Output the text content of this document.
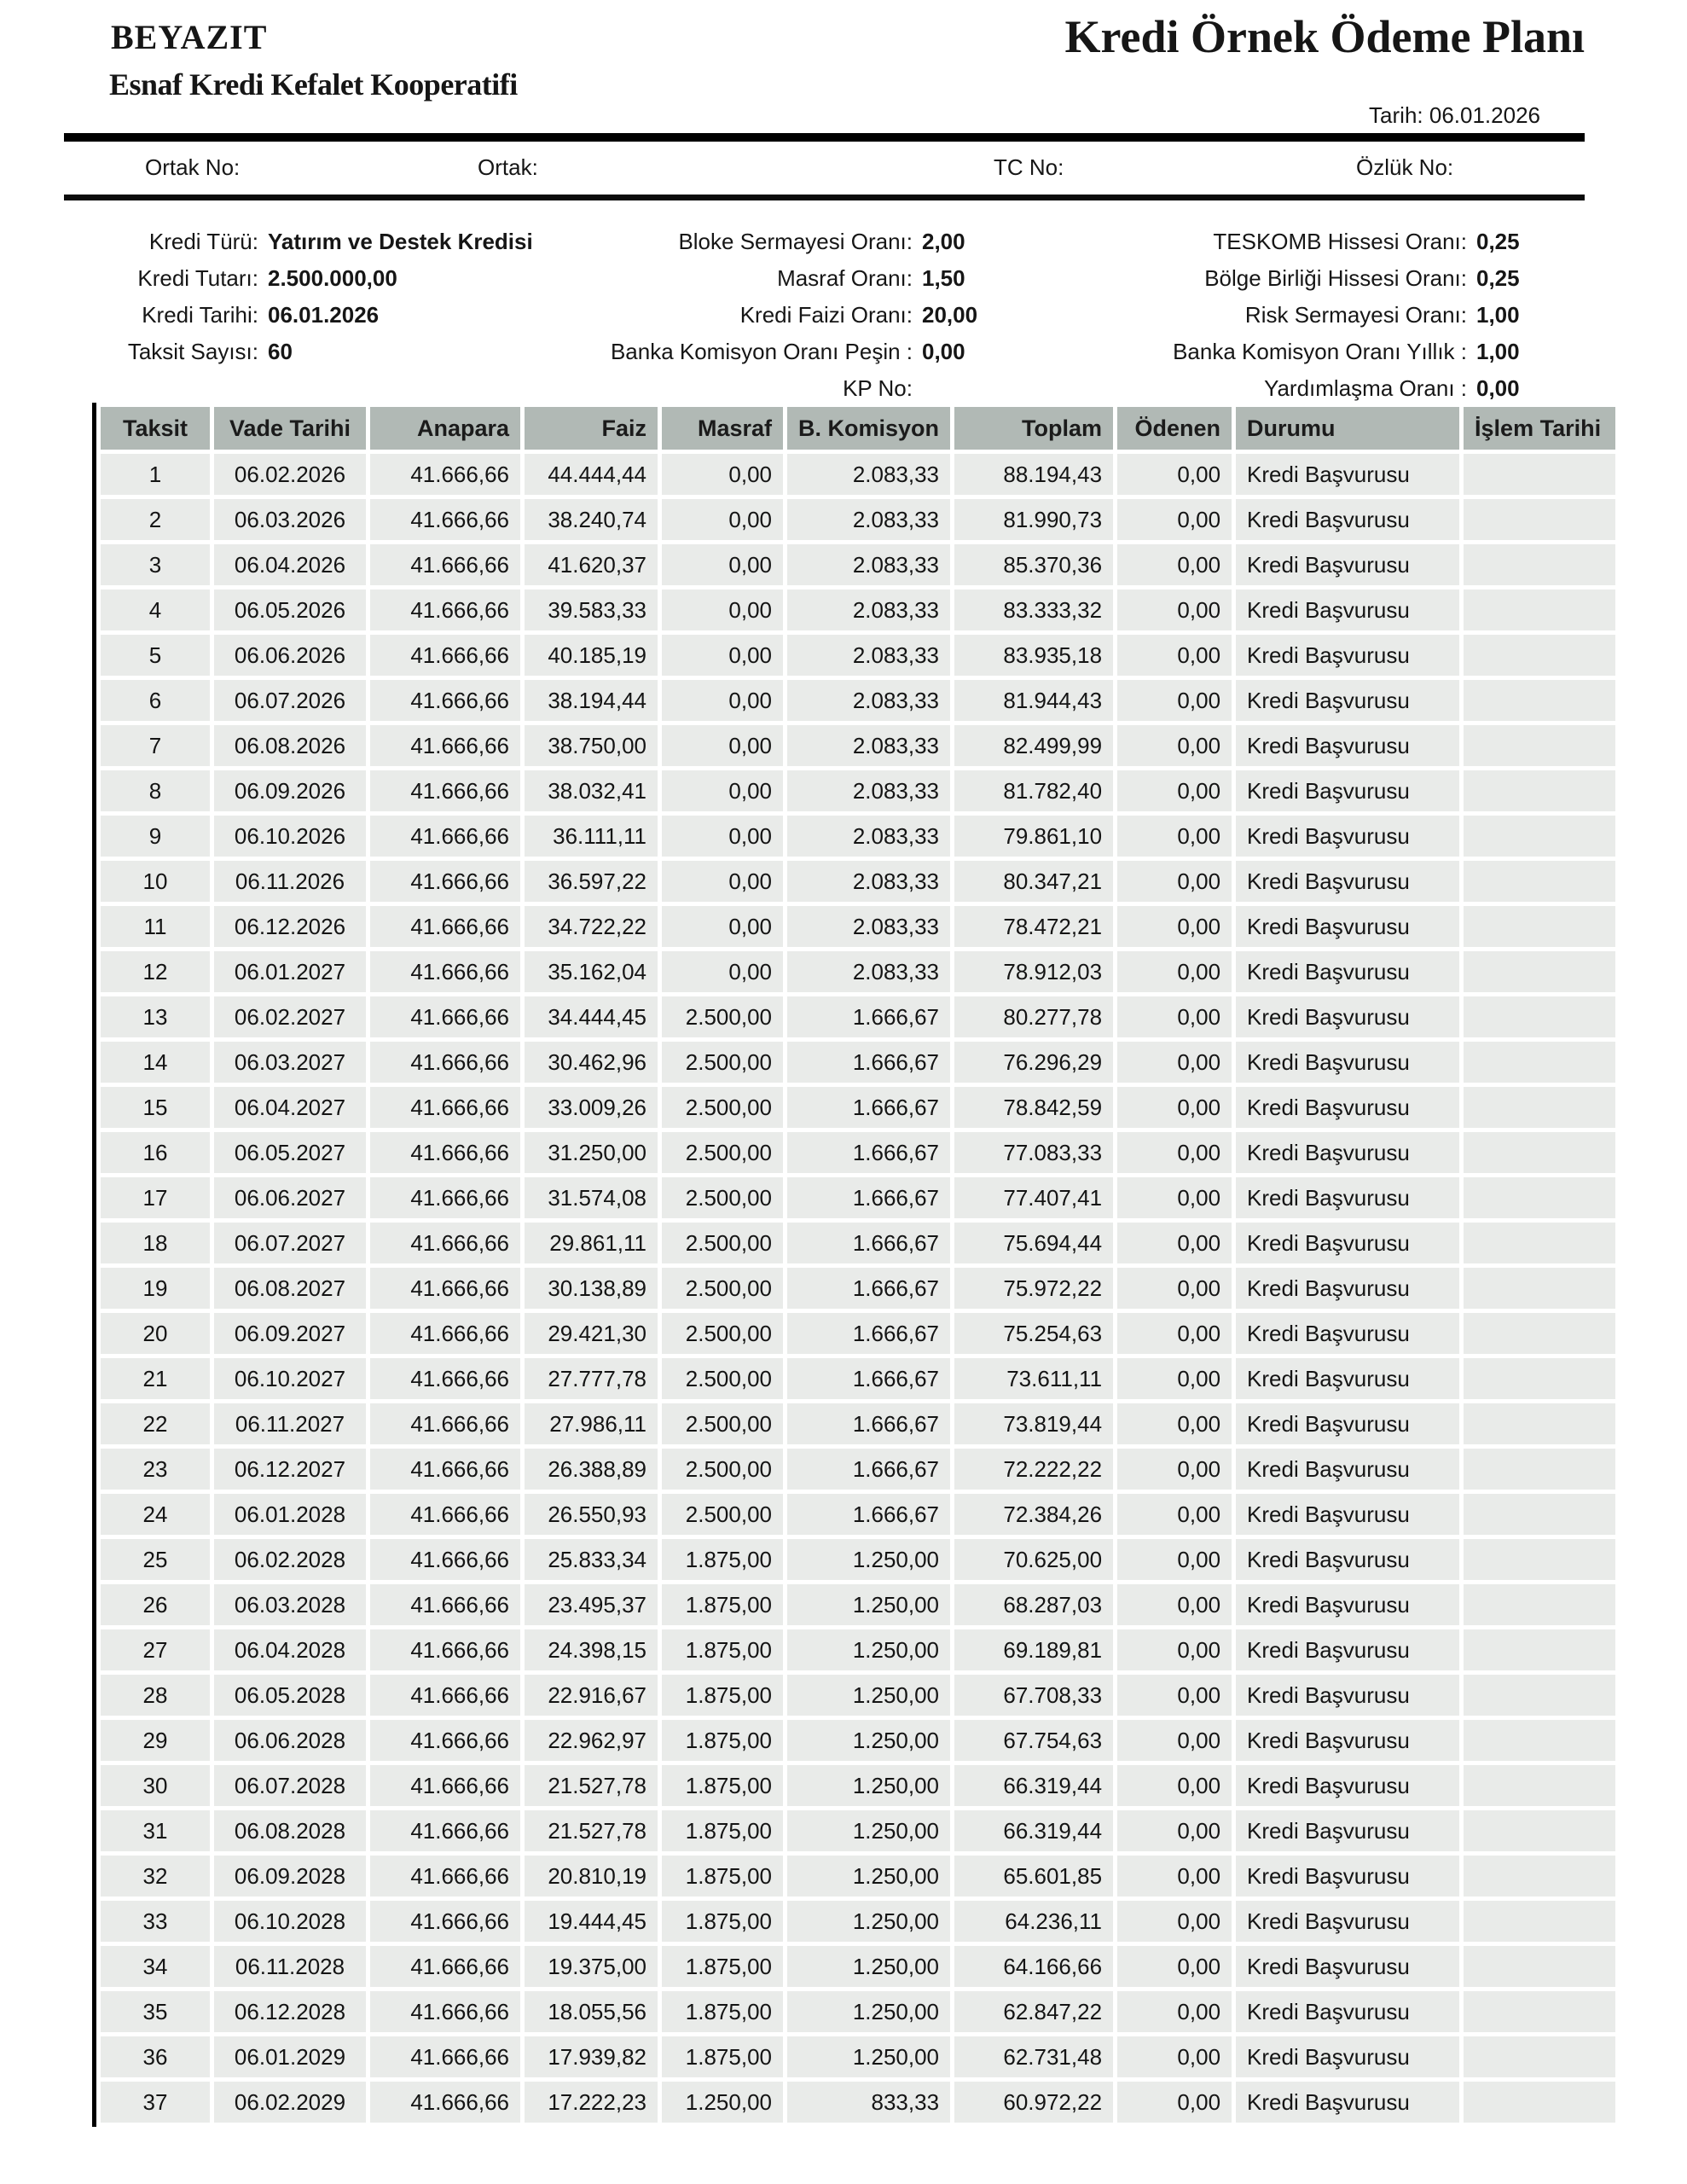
BEYAZIT
Esnaf Kredi Kefalet Kooperatifi
Kredi Örnek Ödeme Planı
Tarih: 06.01.2026
Ortak No:	Ortak:	TC No:	Özlük No:
Kredi Türü: Yatırım ve Destek Kredisi	Bloke Sermayesi Oranı: 2,00	TESKOMB Hissesi Oranı: 0,25
Kredi Tutarı: 2.500.000,00	Masraf Oranı: 1,50	Bölge Birliği Hissesi Oranı: 0,25
Kredi Tarihi: 06.01.2026	Kredi Faizi Oranı: 20,00	Risk Sermayesi Oranı: 1,00
Taksit Sayısı: 60	Banka Komisyon Oranı Peşin : 0,00	Banka Komisyon Oranı Yıllık : 1,00
KP No:	Yardımlaşma Oranı : 0,00
Taksit	Vade Tarihi	Anapara	Faiz	Masraf	B. Komisyon	Toplam	Ödenen	Durumu	İşlem Tarihi
1	06.02.2026	41.666,66	44.444,44	0,00	2.083,33	88.194,43	0,00	Kredi Başvurusu	
2	06.03.2026	41.666,66	38.240,74	0,00	2.083,33	81.990,73	0,00	Kredi Başvurusu	
3	06.04.2026	41.666,66	41.620,37	0,00	2.083,33	85.370,36	0,00	Kredi Başvurusu	
4	06.05.2026	41.666,66	39.583,33	0,00	2.083,33	83.333,32	0,00	Kredi Başvurusu	
5	06.06.2026	41.666,66	40.185,19	0,00	2.083,33	83.935,18	0,00	Kredi Başvurusu	
6	06.07.2026	41.666,66	38.194,44	0,00	2.083,33	81.944,43	0,00	Kredi Başvurusu	
7	06.08.2026	41.666,66	38.750,00	0,00	2.083,33	82.499,99	0,00	Kredi Başvurusu	
8	06.09.2026	41.666,66	38.032,41	0,00	2.083,33	81.782,40	0,00	Kredi Başvurusu	
9	06.10.2026	41.666,66	36.111,11	0,00	2.083,33	79.861,10	0,00	Kredi Başvurusu	
10	06.11.2026	41.666,66	36.597,22	0,00	2.083,33	80.347,21	0,00	Kredi Başvurusu	
11	06.12.2026	41.666,66	34.722,22	0,00	2.083,33	78.472,21	0,00	Kredi Başvurusu	
12	06.01.2027	41.666,66	35.162,04	0,00	2.083,33	78.912,03	0,00	Kredi Başvurusu	
13	06.02.2027	41.666,66	34.444,45	2.500,00	1.666,67	80.277,78	0,00	Kredi Başvurusu	
14	06.03.2027	41.666,66	30.462,96	2.500,00	1.666,67	76.296,29	0,00	Kredi Başvurusu	
15	06.04.2027	41.666,66	33.009,26	2.500,00	1.666,67	78.842,59	0,00	Kredi Başvurusu	
16	06.05.2027	41.666,66	31.250,00	2.500,00	1.666,67	77.083,33	0,00	Kredi Başvurusu	
17	06.06.2027	41.666,66	31.574,08	2.500,00	1.666,67	77.407,41	0,00	Kredi Başvurusu	
18	06.07.2027	41.666,66	29.861,11	2.500,00	1.666,67	75.694,44	0,00	Kredi Başvurusu	
19	06.08.2027	41.666,66	30.138,89	2.500,00	1.666,67	75.972,22	0,00	Kredi Başvurusu	
20	06.09.2027	41.666,66	29.421,30	2.500,00	1.666,67	75.254,63	0,00	Kredi Başvurusu	
21	06.10.2027	41.666,66	27.777,78	2.500,00	1.666,67	73.611,11	0,00	Kredi Başvurusu	
22	06.11.2027	41.666,66	27.986,11	2.500,00	1.666,67	73.819,44	0,00	Kredi Başvurusu	
23	06.12.2027	41.666,66	26.388,89	2.500,00	1.666,67	72.222,22	0,00	Kredi Başvurusu	
24	06.01.2028	41.666,66	26.550,93	2.500,00	1.666,67	72.384,26	0,00	Kredi Başvurusu	
25	06.02.2028	41.666,66	25.833,34	1.875,00	1.250,00	70.625,00	0,00	Kredi Başvurusu	
26	06.03.2028	41.666,66	23.495,37	1.875,00	1.250,00	68.287,03	0,00	Kredi Başvurusu	
27	06.04.2028	41.666,66	24.398,15	1.875,00	1.250,00	69.189,81	0,00	Kredi Başvurusu	
28	06.05.2028	41.666,66	22.916,67	1.875,00	1.250,00	67.708,33	0,00	Kredi Başvurusu	
29	06.06.2028	41.666,66	22.962,97	1.875,00	1.250,00	67.754,63	0,00	Kredi Başvurusu	
30	06.07.2028	41.666,66	21.527,78	1.875,00	1.250,00	66.319,44	0,00	Kredi Başvurusu	
31	06.08.2028	41.666,66	21.527,78	1.875,00	1.250,00	66.319,44	0,00	Kredi Başvurusu	
32	06.09.2028	41.666,66	20.810,19	1.875,00	1.250,00	65.601,85	0,00	Kredi Başvurusu	
33	06.10.2028	41.666,66	19.444,45	1.875,00	1.250,00	64.236,11	0,00	Kredi Başvurusu	
34	06.11.2028	41.666,66	19.375,00	1.875,00	1.250,00	64.166,66	0,00	Kredi Başvurusu	
35	06.12.2028	41.666,66	18.055,56	1.875,00	1.250,00	62.847,22	0,00	Kredi Başvurusu	
36	06.01.2029	41.666,66	17.939,82	1.875,00	1.250,00	62.731,48	0,00	Kredi Başvurusu	
37	06.02.2029	41.666,66	17.222,23	1.250,00	833,33	60.972,22	0,00	Kredi Başvurusu	
